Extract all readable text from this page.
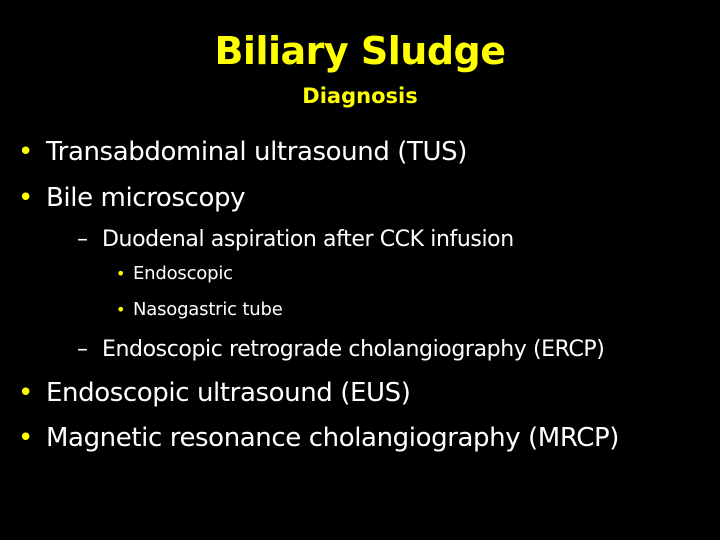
Biliary Sludge
Diagnosis
• Transabdominal ultrasound (TUS)
• Bile microscopy
– Duodenal aspiration after CCK infusion
• Endoscopic
• Nasogastric tube
– Endoscopic retrograde cholangiography (ERCP)
• Endoscopic ultrasound (EUS)
• Magnetic resonance cholangiography (MRCP)
